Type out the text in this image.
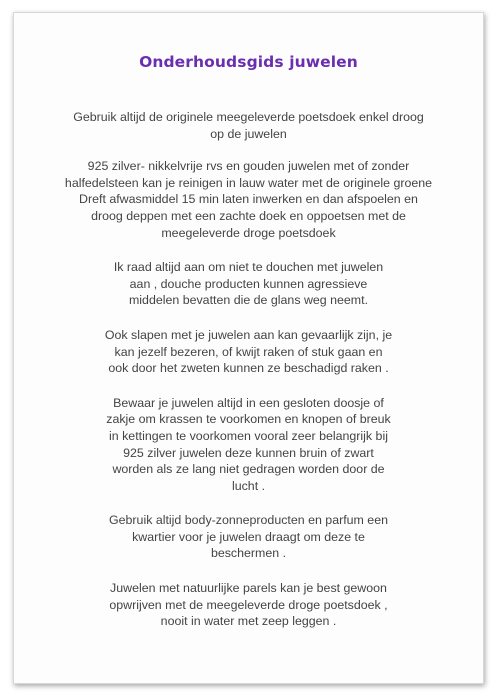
Onderhoudsgids juwelen

Gebruik altijd de originele meegeleverde poetsdoek enkel droog
op de juwelen

925 zilver- nikkelvrije rvs en gouden juwelen met of zonder
halfedelsteen kan je reinigen in lauw water met de originele groene
Dreft afwasmiddel 15 min laten inwerken en dan afspoelen en
droog deppen met een zachte doek en oppoetsen met de
meegeleverde droge poetsdoek

Ik raad altijd aan om niet te douchen met juwelen
aan , douche producten kunnen agressieve
middelen bevatten die de glans weg neemt.

Ook slapen met je juwelen aan kan gevaarlijk zijn, je
kan jezelf bezeren, of kwijt raken of stuk gaan en
ook door het zweten kunnen ze beschadigd raken .

Bewaar je juwelen altijd in een gesloten doosje of
zakje om krassen te voorkomen en knopen of breuk
in kettingen te voorkomen vooral zeer belangrijk bij
925 zilver juwelen deze kunnen bruin of zwart
worden als ze lang niet gedragen worden door de
lucht .

Gebruik altijd body-zonneproducten en parfum een
kwartier voor je juwelen draagt om deze te
beschermen .

Juwelen met natuurlijke parels kan je best gewoon
opwrijven met de meegeleverde droge poetsdoek ,
nooit in water met zeep leggen .
